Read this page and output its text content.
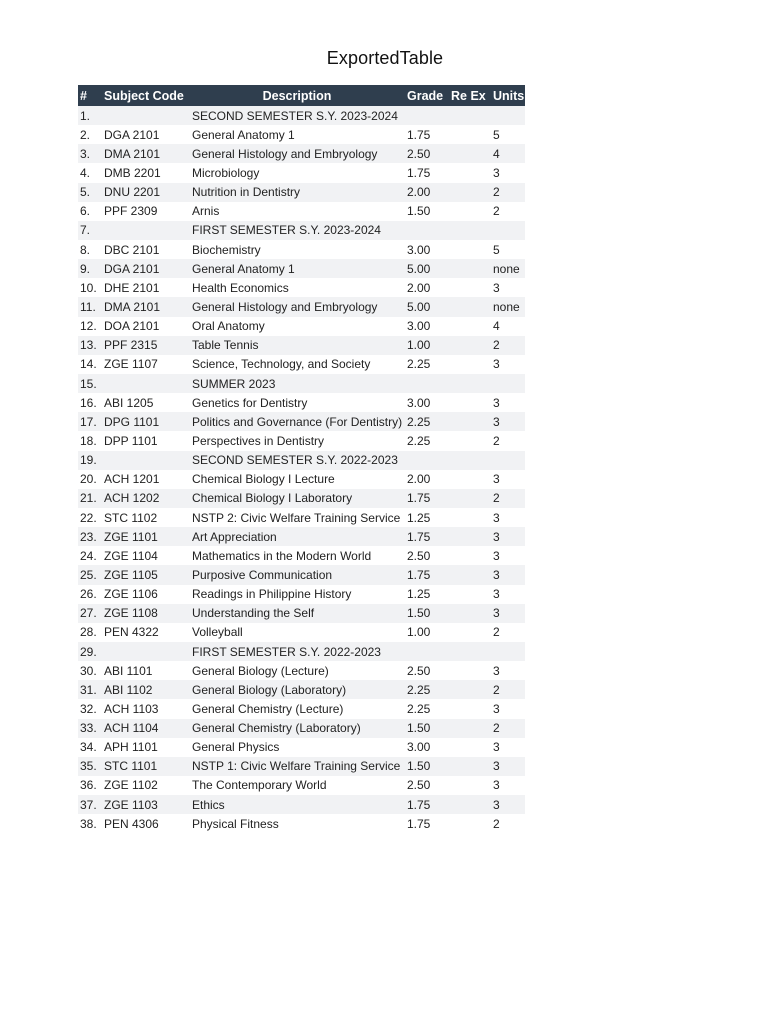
ExportedTable
#	Subject Code	Description	Grade	Re Ex	Units
1.		SECOND SEMESTER S.Y. 2023-2024			
2.	DGA 2101	General Anatomy 1	1.75		5
3.	DMA 2101	General Histology and Embryology	2.50		4
4.	DMB 2201	Microbiology	1.75		3
5.	DNU 2201	Nutrition in Dentistry	2.00		2
6.	PPF 2309	Arnis	1.50		2
7.		FIRST SEMESTER S.Y. 2023-2024			
8.	DBC 2101	Biochemistry	3.00		5
9.	DGA 2101	General Anatomy 1	5.00		none
10.	DHE 2101	Health Economics	2.00		3
11.	DMA 2101	General Histology and Embryology	5.00		none
12.	DOA 2101	Oral Anatomy	3.00		4
13.	PPF 2315	Table Tennis	1.00		2
14.	ZGE 1107	Science, Technology, and Society	2.25		3
15.		SUMMER 2023			
16.	ABI 1205	Genetics for Dentistry	3.00		3
17.	DPG 1101	Politics and Governance (For Dentistry)	2.25		3
18.	DPP 1101	Perspectives in Dentistry	2.25		2
19.		SECOND SEMESTER S.Y. 2022-2023			
20.	ACH 1201	Chemical Biology I Lecture	2.00		3
21.	ACH 1202	Chemical Biology I Laboratory	1.75		2
22.	STC 1102	NSTP 2: Civic Welfare Training Service	1.25		3
23.	ZGE 1101	Art Appreciation	1.75		3
24.	ZGE 1104	Mathematics in the Modern World	2.50		3
25.	ZGE 1105	Purposive Communication	1.75		3
26.	ZGE 1106	Readings in Philippine History	1.25		3
27.	ZGE 1108	Understanding the Self	1.50		3
28.	PEN 4322	Volleyball	1.00		2
29.		FIRST SEMESTER S.Y. 2022-2023			
30.	ABI 1101	General Biology (Lecture)	2.50		3
31.	ABI 1102	General Biology (Laboratory)	2.25		2
32.	ACH 1103	General Chemistry (Lecture)	2.25		3
33.	ACH 1104	General Chemistry (Laboratory)	1.50		2
34.	APH 1101	General Physics	3.00		3
35.	STC 1101	NSTP 1: Civic Welfare Training Service	1.50		3
36.	ZGE 1102	The Contemporary World	2.50		3
37.	ZGE 1103	Ethics	1.75		3
38.	PEN 4306	Physical Fitness	1.75		2
